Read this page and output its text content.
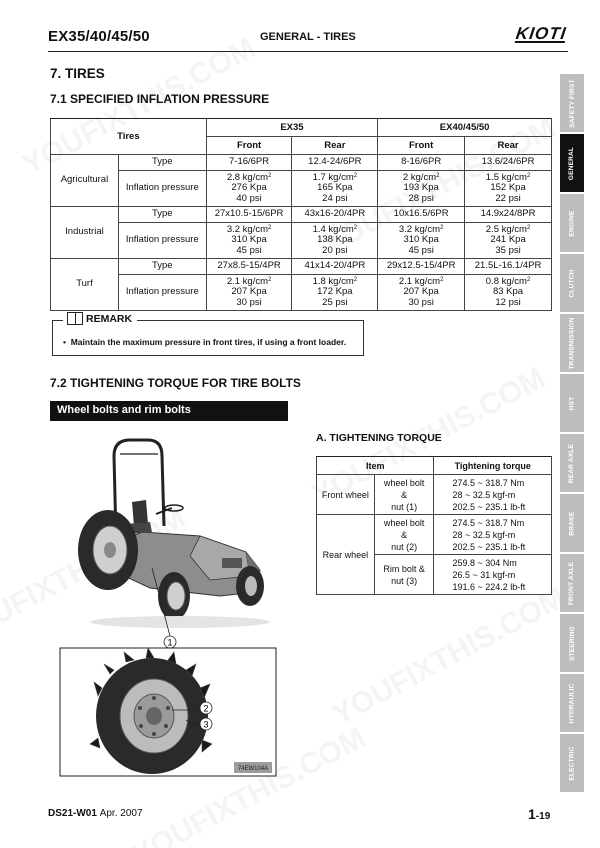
EX35/40/45/50	GENERAL - TIRES	KIOTI
7. TIRES
7.1 SPECIFIED INFLATION PRESSURE
Tires		EX35		EX40/45/50	
		Front	Rear	Front	Rear
Agricultural	Type	7-16/6PR	12.4-24/6PR	8-16/6PR	13.6/24/6PR
	Inflation pressure	2.8 $kg/cm^2$
276 Kpa
40 psi	1.7 $kg/cm^2$
165 Kpa
24 psi	2 $kg/cm^2$
193 Kpa
28 psi	1.5 $kg/cm^2$
152 Kpa
22 psi
Industrial	Type	27x10.5-15/6PR	43x16-20/4PR	10x16.5/6PR	14.9x24/8PR
	Inflation pressure	3.2 $kg/cm^2$
310 Kpa
45 psi	1.4 $kg/cm^2$
138 Kpa
20 psi	3.2 $kg/cm^2$
310 Kpa
45 psi	2.5 $kg/cm^2$
241 Kpa
35 psi
Turf	Type	27x8.5-15/4PR	41x14-20/4PR	29x12.5-15/4PR	21.5L-16.1/4PR
	Inflation pressure	2.1 $kg/cm^2$
207 Kpa
30 psi	1.8 $kg/cm^2$
172 Kpa
25 psi	2.1 $kg/cm^2$
207 Kpa
30 psi	0.8 $kg/cm^2$
83 Kpa
12 psi
REMARK
• Maintain the maximum pressure in front tires, if using a front loader.
7.2 TIGHTENING TORQUE FOR TIRE BOLTS
Wheel bolts and rim bolts
1
2
3
74EW104A
A. TIGHTENING TORQUE
Item		Tightening torque
Front wheel	wheel bolt
&
nut (1)	274.5 ~ 318.7 Nm
28 ~ 32.5 kgf-m
202.5 ~ 235.1 lb-ft
Rear wheel	wheel bolt
&
nut (2)	274.5 ~ 318.7 Nm
28 ~ 32.5 kgf-m
202.5 ~ 235.1 lb-ft
	Rim bolt &
nut (3)	259.8 ~ 304 Nm
26.5 ~ 31 kgf-m
191.6 ~ 224.2 lb-ft
SAFETY FIRST
GENERAL
ENGINE
CLUTCH
TRANSMISSION
HST
REAR AXLE
BRAKE
FRONT AXLE
STEERING
HYDRAULIC
ELECTRIC
DS21-W01 Apr. 2007	1-19
